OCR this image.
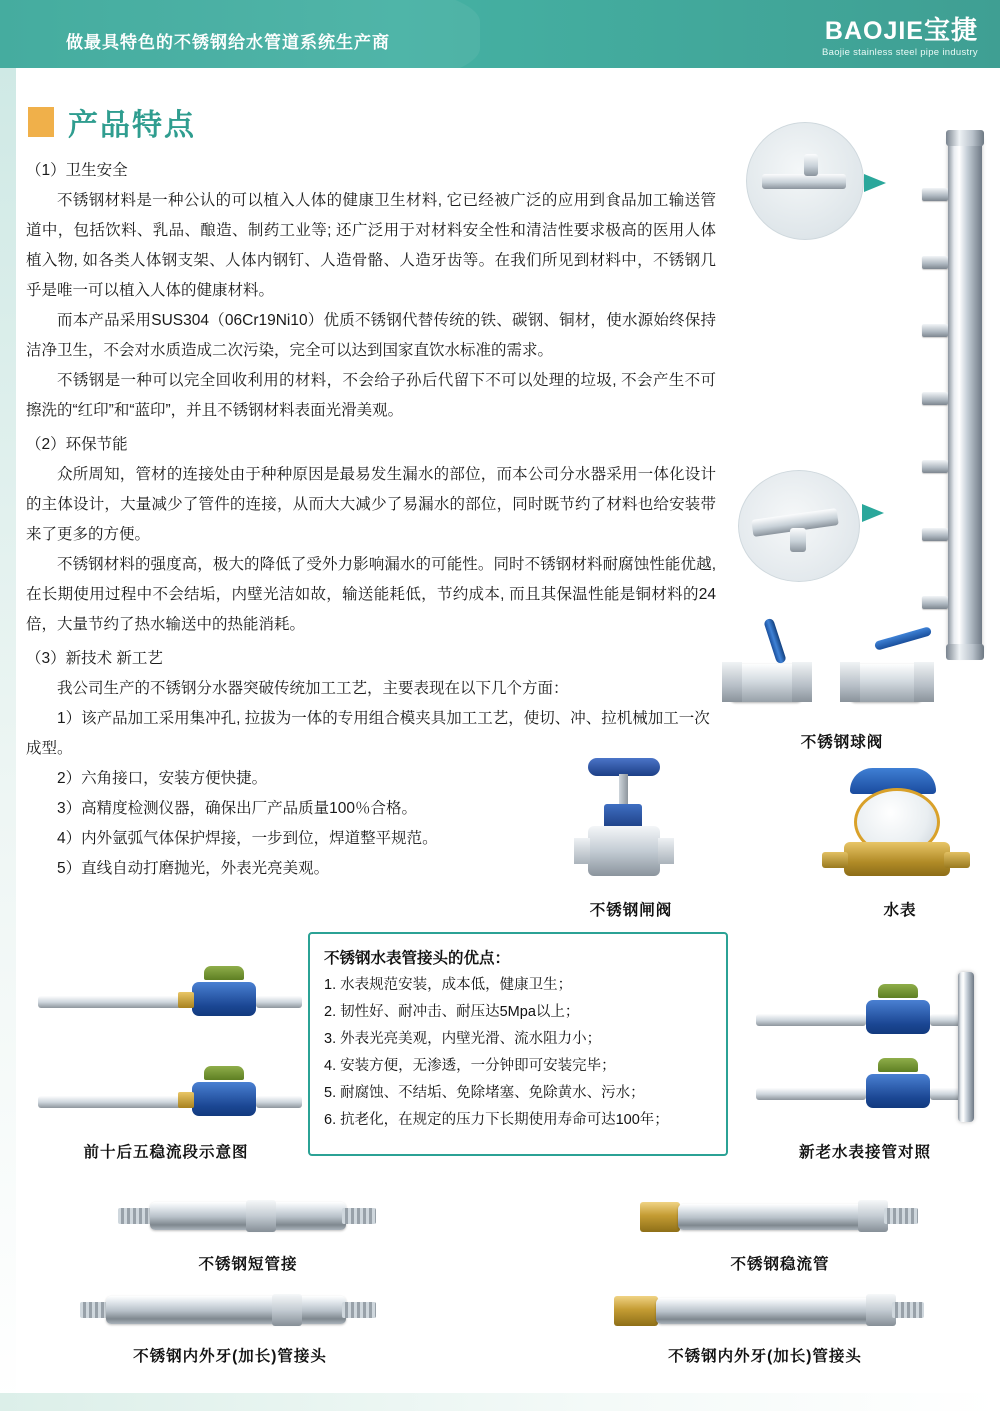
做最具特色的不锈钢给水管道系统生产商	BAOJIE宝捷
Baojie stainless steel pipe industry
产品特点
（1）卫生安全

不锈钢材料是一种公认的可以植入人体的健康卫生材料, 它已经被广泛的应用到食品加工输送管道中，包括饮料、乳品、酿造、制药工业等; 还广泛用于对材料安全性和清洁性要求极高的医用人体植入物, 如各类人体钢支架、人体内钢钉、人造骨骼、人造牙齿等。在我们所见到材料中，不锈钢几乎是唯一可以植入人体的健康材料。

而本产品采用SUS304（06Cr19Ni10）优质不锈钢代替传统的铁、碳钢、铜材，使水源始终保持洁净卫生，不会对水质造成二次污染，完全可以达到国家直饮水标准的需求。

不锈钢是一种可以完全回收利用的材料，不会给子孙后代留下不可以处理的垃圾, 不会产生不可擦洗的“红印”和“蓝印”，并且不锈钢材料表面光滑美观。

（2）环保节能

众所周知，管材的连接处由于种种原因是最易发生漏水的部位，而本公司分水器采用一体化设计的主体设计，大量减少了管件的连接，从而大大减少了易漏水的部位，同时既节约了材料也给安装带来了更多的方便。

不锈钢材料的强度高，极大的降低了受外力影响漏水的可能性。同时不锈钢材料耐腐蚀性能优越, 在长期使用过程中不会结垢，内壁光洁如故，输送能耗低，节约成本, 而且其保温性能是铜材料的24倍，大量节约了热水输送中的热能消耗。

（3）新技术 新工艺

我公司生产的不锈钢分水器突破传统加工工艺，主要表现在以下几个方面：

1）该产品加工采用集冲孔, 拉拔为一体的专用组合模夹具加工工艺，使切、冲、拉机械加工一次成型。

2）六角接口，安装方便快捷。

3）高精度检测仪器，确保出厂产品质量100％合格。

4）内外氩弧气体保护焊接，一步到位，焊道整平规范。

5）直线自动打磨抛光，外表光亮美观。

不锈钢球阀
不锈钢闸阀	水表
不锈钢水表管接头的优点：
1. 水表规范安装，成本低，健康卫生；
2. 韧性好、耐冲击、耐压达5Mpa以上；
3. 外表光亮美观，内壁光滑、流水阻力小；
4. 安装方便，无渗透，一分钟即可安装完毕；
5. 耐腐蚀、不结垢、免除堵塞、免除黄水、污水；
6. 抗老化，在规定的压力下长期使用寿命可达100年；
前十后五稳流段示意图	新老水表接管对照
不锈钢短管接	不锈钢稳流管
不锈钢内外牙(加长)管接头	不锈钢内外牙(加长)管接头
